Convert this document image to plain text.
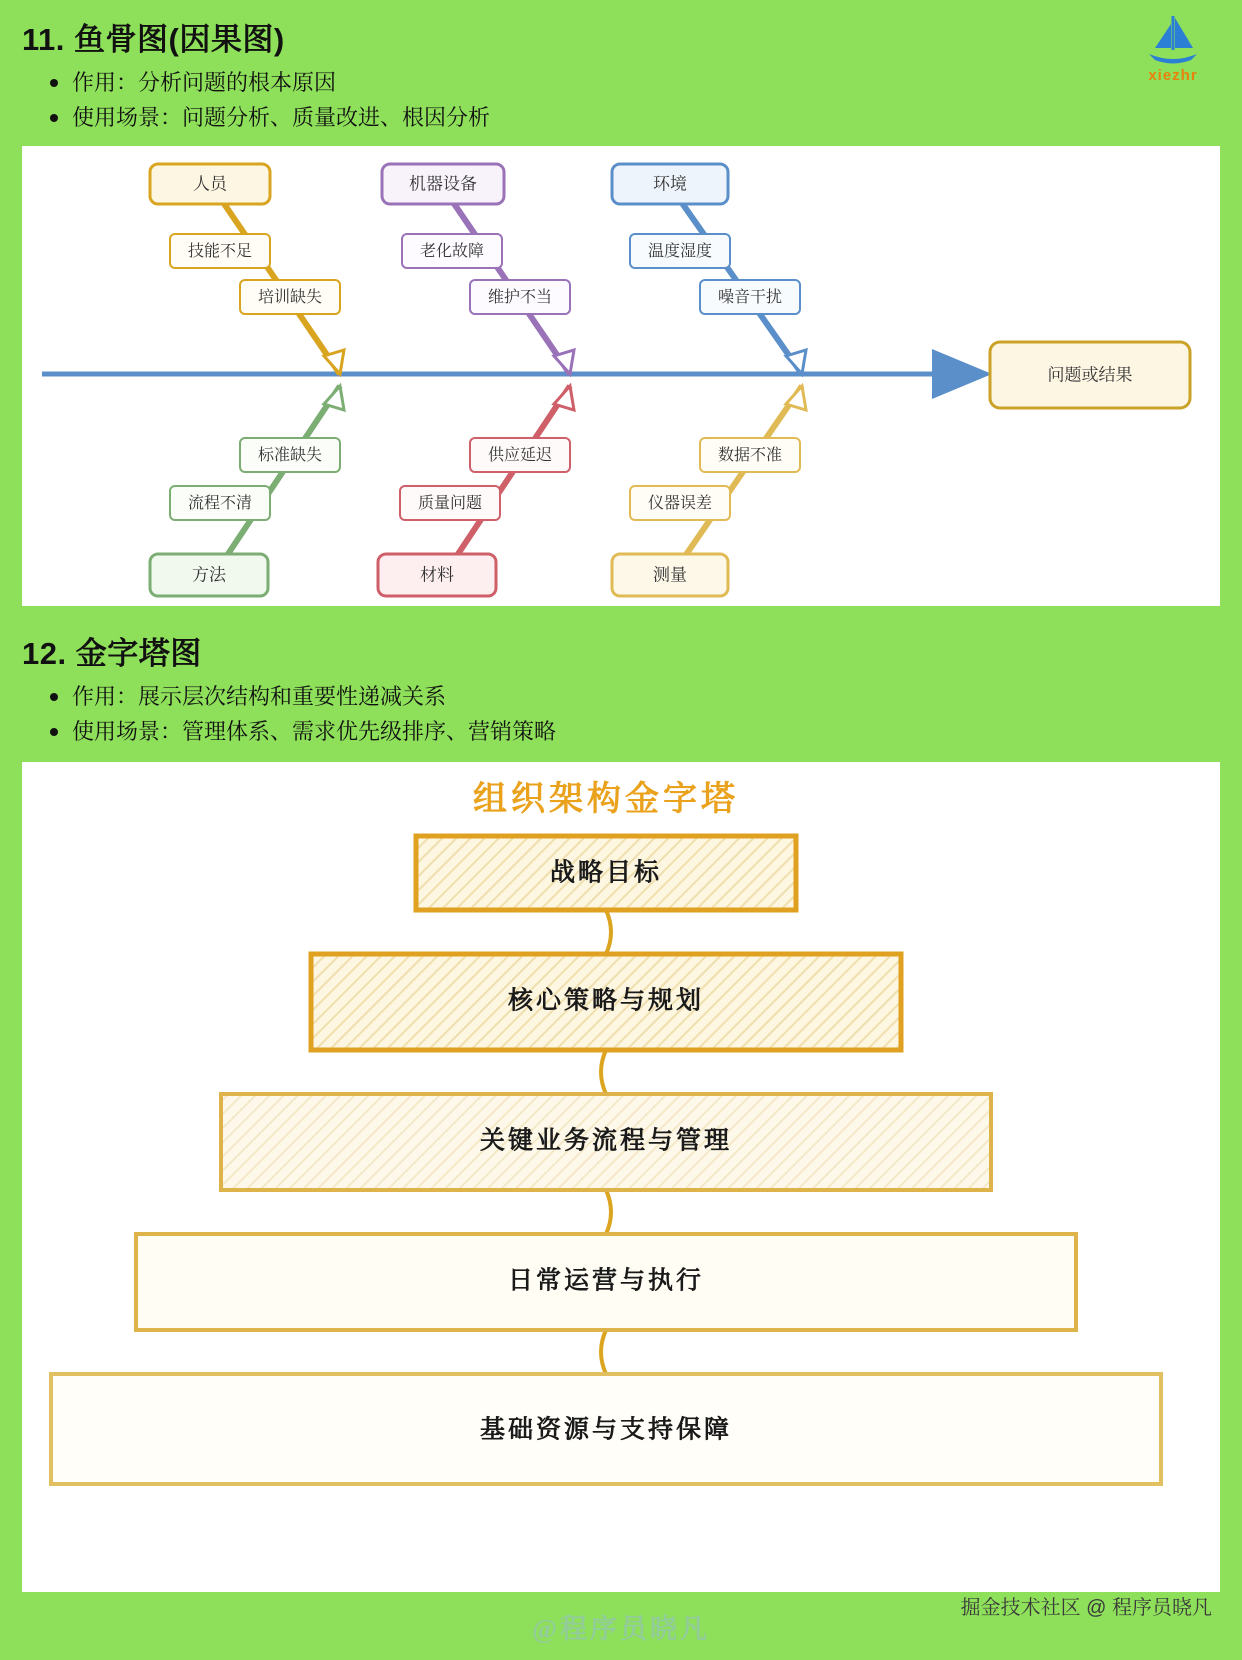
xiezhr
11. 鱼骨图(因果图)
作用：分析问题的根本原因
使用场景：问题分析、质量改进、根因分析
人员
技能不足
培训缺失
机器设备
老化故障
维护不当
环境
温度湿度
噪音干扰
方法
流程不清
标准缺失
材料
质量问题
供应延迟
测量
仪器误差
数据不准
问题或结果
12. 金字塔图
作用：展示层次结构和重要性递减关系
使用场景：管理体系、需求优先级排序、营销策略
组织架构金字塔
战略目标
核心策略与规划
关键业务流程与管理
日常运营与执行
基础资源与支持保障
@程序员晓凡
掘金技术社区 @ 程序员晓凡
